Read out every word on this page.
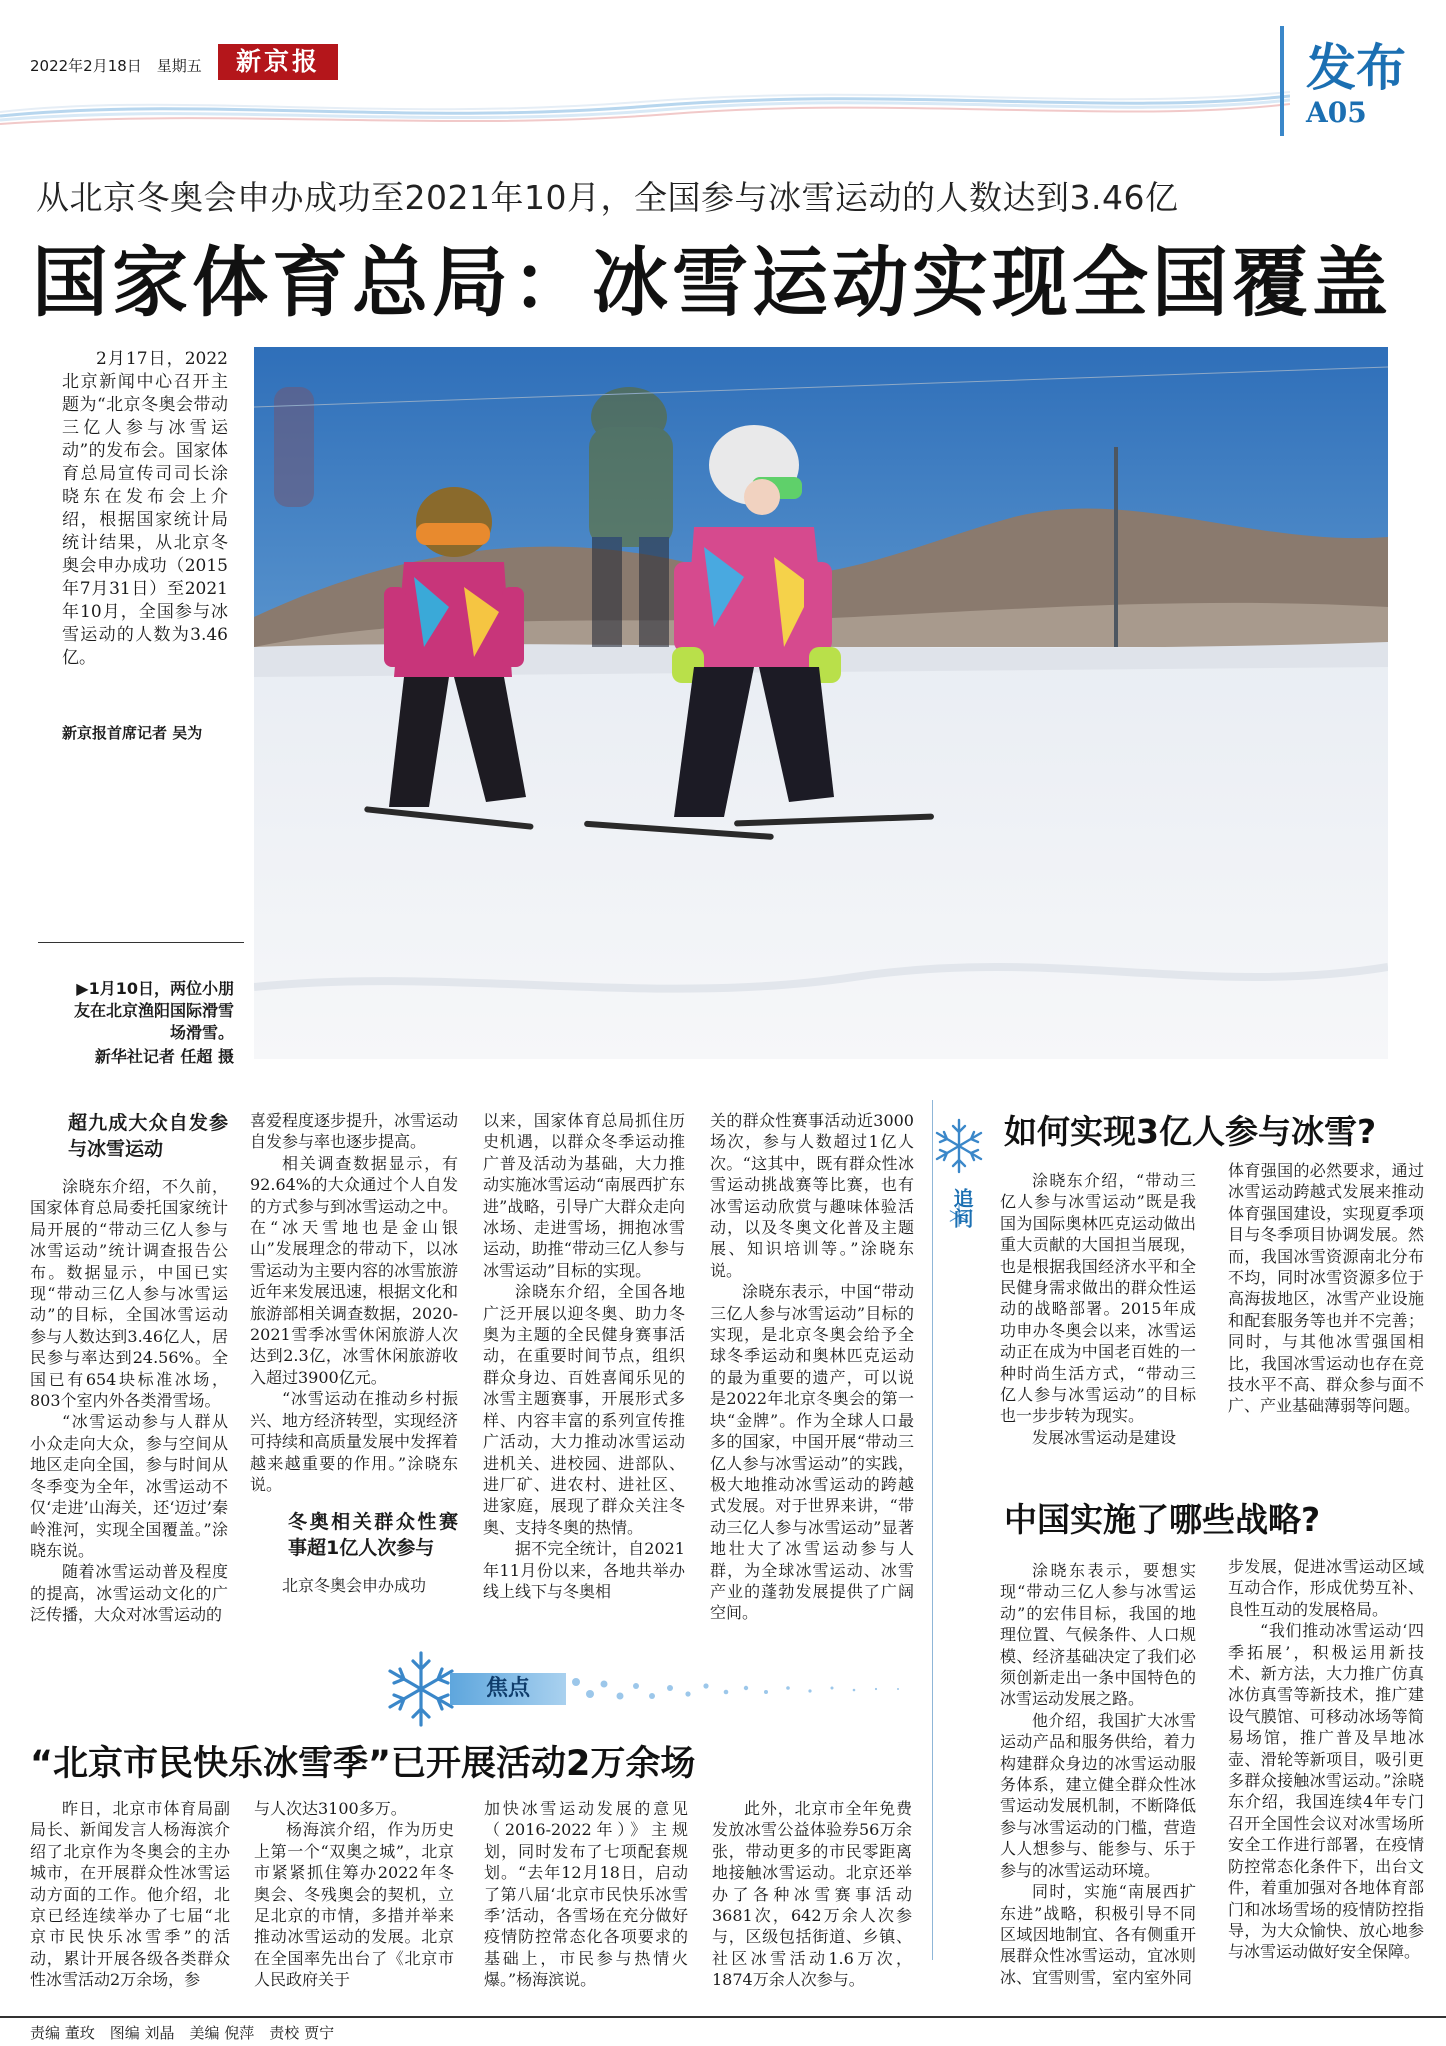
2022年2月18日　星期五	新京报	发布
A05
从北京冬奥会申办成功至2021年10月，全国参与冰雪运动的人数达到3.46亿
国家体育总局：冰雪运动实现全国覆盖
2月17日，2022北京新闻中心召开主题为“北京冬奥会带动三亿人参与冰雪运动”的发布会。国家体育总局宣传司司长涂晓东在发布会上介绍，根据国家统计局统计结果，从北京冬奥会申办成功（2015年7月31日）至2021年10月，全国参与冰雪运动的人数为3.46亿。
新京报首席记者 吴为
▶1月10日，两位小朋友在北京渔阳国际滑雪场滑雪。
新华社记者 任超 摄
超九成大众自发参与冰雪运动

涂晓东介绍，不久前，国家体育总局委托国家统计局开展的“带动三亿人参与冰雪运动”统计调查报告公布。数据显示，中国已实现“带动三亿人参与冰雪运动”的目标，全国冰雪运动参与人数达到3.46亿人，居民参与率达到24.56%。全国已有654块标准冰场，803个室内外各类滑雪场。

“冰雪运动参与人群从小众走向大众，参与空间从地区走向全国，参与时间从冬季变为全年，冰雪运动不仅‘走进’山海关，还‘迈过’秦岭淮河，实现全国覆盖。”涂晓东说。

随着冰雪运动普及程度的提高，冰雪运动文化的广泛传播，大众对冰雪运动的

喜爱程度逐步提升，冰雪运动自发参与率也逐步提高。

相关调查数据显示，有92.64%的大众通过个人自发的方式参与到冰雪运动之中。在“冰天雪地也是金山银山”发展理念的带动下，以冰雪运动为主要内容的冰雪旅游近年来发展迅速，根据文化和旅游部相关调查数据，2020-2021雪季冰雪休闲旅游人次达到2.3亿，冰雪休闲旅游收入超过3900亿元。

“冰雪运动在推动乡村振兴、地方经济转型，实现经济可持续和高质量发展中发挥着越来越重要的作用。”涂晓东说。

冬奥相关群众性赛事超1亿人次参与

北京冬奥会申办成功

以来，国家体育总局抓住历史机遇，以群众冬季运动推广普及活动为基础，大力推动实施冰雪运动“南展西扩东进”战略，引导广大群众走向冰场、走进雪场，拥抱冰雪运动，助推“带动三亿人参与冰雪运动”目标的实现。

涂晓东介绍，全国各地广泛开展以迎冬奥、助力冬奥为主题的全民健身赛事活动，在重要时间节点，组织群众身边、百姓喜闻乐见的冰雪主题赛事，开展形式多样、内容丰富的系列宣传推广活动，大力推动冰雪运动进机关、进校园、进部队、进厂矿、进农村、进社区、进家庭，展现了群众关注冬奥、支持冬奥的热情。

据不完全统计，自2021年11月份以来，各地共举办线上线下与冬奥相

关的群众性赛事活动近3000场次，参与人数超过1亿人次。“这其中，既有群众性冰雪运动挑战赛等比赛，也有冰雪运动欣赏与趣味体验活动，以及冬奥文化普及主题展、知识培训等。”涂晓东说。

涂晓东表示，中国“带动三亿人参与冰雪运动”目标的实现，是北京冬奥会给予全球冬季运动和奥林匹克运动的最为重要的遗产，可以说是2022年北京冬奥会的第一块“金牌”。作为全球人口最多的国家，中国开展“带动三亿人参与冰雪运动”的实践，极大地推动冰雪运动的跨越式发展。对于世界来讲，“带动三亿人参与冰雪运动”显著地壮大了冰雪运动参与人群，为全球冰雪运动、冰雪产业的蓬勃发展提供了广阔空间。

追问
如何实现3亿人参与冰雪?

涂晓东介绍，“带动三亿人参与冰雪运动”既是我国为国际奥林匹克运动做出重大贡献的大国担当展现，也是根据我国经济水平和全民健身需求做出的群众性运动的战略部署。2015年成功申办冬奥会以来，冰雪运动正在成为中国老百姓的一种时尚生活方式，“带动三亿人参与冰雪运动”的目标也一步步转为现实。

发展冰雪运动是建设

体育强国的必然要求，通过冰雪运动跨越式发展来推动体育强国建设，实现夏季项目与冬季项目协调发展。然而，我国冰雪资源南北分布不均，同时冰雪资源多位于高海拔地区，冰雪产业设施和配套服务等也并不完善；同时，与其他冰雪强国相比，我国冰雪运动也存在竞技水平不高、群众参与面不广、产业基础薄弱等问题。

中国实施了哪些战略?

涂晓东表示，要想实现“带动三亿人参与冰雪运动”的宏伟目标，我国的地理位置、气候条件、人口规模、经济基础决定了我们必须创新走出一条中国特色的冰雪运动发展之路。

他介绍，我国扩大冰雪运动产品和服务供给，着力构建群众身边的冰雪运动服务体系，建立健全群众性冰雪运动发展机制，不断降低参与冰雪运动的门槛，营造人人想参与、能参与、乐于参与的冰雪运动环境。

同时，实施“南展西扩东进”战略，积极引导不同区域因地制宜、各有侧重开展群众性冰雪运动，宜冰则冰、宜雪则雪，室内室外同

步发展，促进冰雪运动区域互动合作，形成优势互补、良性互动的发展格局。

“我们推动冰雪运动‘四季拓展’，积极运用新技术、新方法，大力推广仿真冰仿真雪等新技术，推广建设气膜馆、可移动冰场等简易场馆，推广普及旱地冰壶、滑轮等新项目，吸引更多群众接触冰雪运动。”涂晓东介绍，我国连续4年专门召开全国性会议对冰雪场所安全工作进行部署，在疫情防控常态化条件下，出台文件，着重加强对各地体育部门和冰场雪场的疫情防控指导，为大众愉快、放心地参与冰雪运动做好安全保障。

焦点
“北京市民快乐冰雪季”已开展活动2万余场

昨日，北京市体育局副局长、新闻发言人杨海滨介绍了北京作为冬奥会的主办城市，在开展群众性冰雪运动方面的工作。他介绍，北京已经连续举办了七届“北京市民快乐冰雪季”的活动，累计开展各级各类群众性冰雪活动2万余场，参

与人次达3100多万。

杨海滨介绍，作为历史上第一个“双奥之城”，北京市紧紧抓住筹办2022年冬奥会、冬残奥会的契机，立足北京的市情，多措并举来推动冰雪运动的发展。北京在全国率先出台了《北京市人民政府关于

加快冰雪运动发展的意见（2016-2022年）》主规划，同时发布了七项配套规划。“去年12月18日，启动了第八届‘北京市民快乐冰雪季’活动，各雪场在充分做好疫情防控常态化各项要求的基础上，市民参与热情火爆。”杨海滨说。

此外，北京市全年免费发放冰雪公益体验券56万余张，带动更多的市民零距离地接触冰雪运动。北京还举办了各种冰雪赛事活动3681次，642万余人次参与，区级包括街道、乡镇、社区冰雪活动1.6万次，1874万余人次参与。

责编 董玫　图编 刘晶　美编 倪萍　责校 贾宁
